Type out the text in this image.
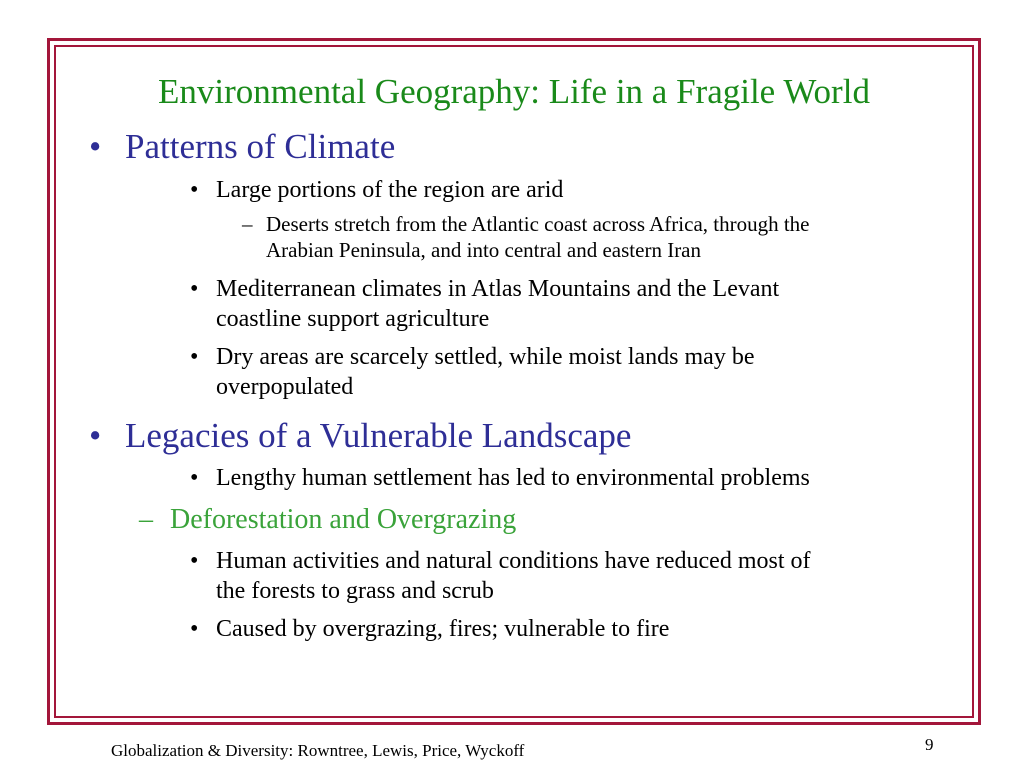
Environmental Geography: Life in a Fragile World
• Patterns of Climate
• Large portions of the region are arid
– Deserts stretch from the Atlantic coast across Africa, through the
Arabian Peninsula, and into central and eastern Iran
• Mediterranean climates in Atlas Mountains and the Levant
coastline support agriculture
• Dry areas are scarcely settled, while moist lands may be
overpopulated
• Legacies of a Vulnerable Landscape
• Lengthy human settlement has led to environmental problems
– Deforestation and Overgrazing
• Human activities and natural conditions have reduced most of
the forests to grass and scrub
• Caused by overgrazing, fires; vulnerable to fire
Globalization & Diversity: Rowntree, Lewis, Price, Wyckoff	9
